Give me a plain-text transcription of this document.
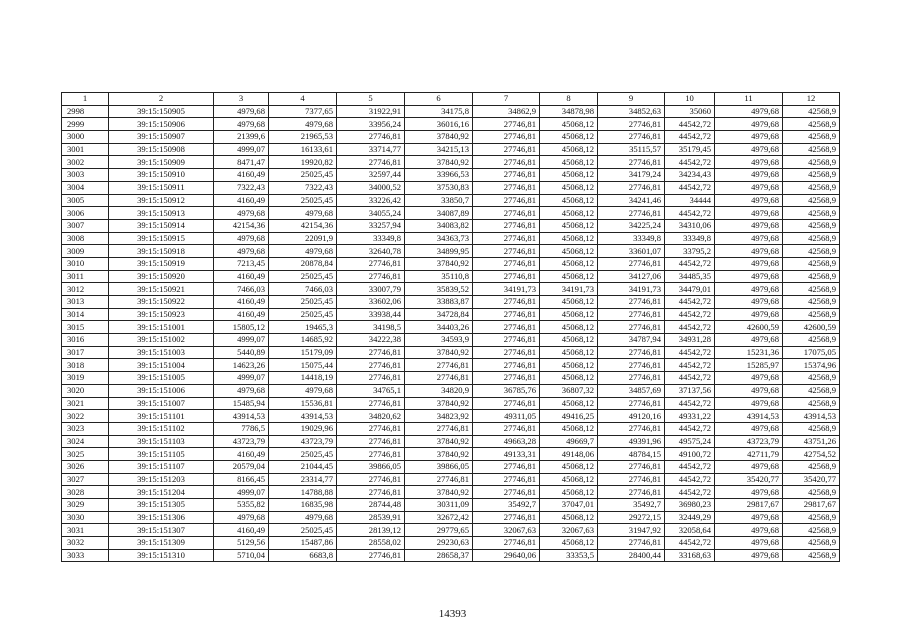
1	2	3	4	5	6	7	8	9	10	11	12
2998	39:15:150905	4979,68	7377,65	31922,91	34175,8	34862,9	34878,98	34852,63	35060	4979,68	42568,9
2999	39:15:150906	4979,68	4979,68	33956,24	36016,16	27746,81	45068,12	27746,81	44542,72	4979,68	42568,9
3000	39:15:150907	21399,6	21965,53	27746,81	37840,92	27746,81	45068,12	27746,81	44542,72	4979,68	42568,9
3001	39:15:150908	4999,07	16133,61	33714,77	34215,13	27746,81	45068,12	35115,57	35179,45	4979,68	42568,9
3002	39:15:150909	8471,47	19920,82	27746,81	37840,92	27746,81	45068,12	27746,81	44542,72	4979,68	42568,9
3003	39:15:150910	4160,49	25025,45	32597,44	33966,53	27746,81	45068,12	34179,24	34234,43	4979,68	42568,9
3004	39:15:150911	7322,43	7322,43	34000,52	37530,83	27746,81	45068,12	27746,81	44542,72	4979,68	42568,9
3005	39:15:150912	4160,49	25025,45	33226,42	33850,7	27746,81	45068,12	34241,46	34444	4979,68	42568,9
3006	39:15:150913	4979,68	4979,68	34055,24	34087,89	27746,81	45068,12	27746,81	44542,72	4979,68	42568,9
3007	39:15:150914	42154,36	42154,36	33257,94	34083,82	27746,81	45068,12	34225,24	34310,06	4979,68	42568,9
3008	39:15:150915	4979,68	22091,9	33349,8	34363,73	27746,81	45068,12	33349,8	33349,8	4979,68	42568,9
3009	39:15:150918	4979,68	4979,68	32640,78	34899,95	27746,81	45068,12	33601,07	33795,2	4979,68	42568,9
3010	39:15:150919	7213,45	20878,84	27746,81	37840,92	27746,81	45068,12	27746,81	44542,72	4979,68	42568,9
3011	39:15:150920	4160,49	25025,45	27746,81	35110,8	27746,81	45068,12	34127,06	34485,35	4979,68	42568,9
3012	39:15:150921	7466,03	7466,03	33007,79	35839,52	34191,73	34191,73	34191,73	34479,01	4979,68	42568,9
3013	39:15:150922	4160,49	25025,45	33602,06	33883,87	27746,81	45068,12	27746,81	44542,72	4979,68	42568,9
3014	39:15:150923	4160,49	25025,45	33938,44	34728,84	27746,81	45068,12	27746,81	44542,72	4979,68	42568,9
3015	39:15:151001	15805,12	19465,3	34198,5	34403,26	27746,81	45068,12	27746,81	44542,72	42600,59	42600,59
3016	39:15:151002	4999,07	14685,92	34222,38	34593,9	27746,81	45068,12	34787,94	34931,28	4979,68	42568,9
3017	39:15:151003	5440,89	15179,09	27746,81	37840,92	27746,81	45068,12	27746,81	44542,72	15231,36	17075,05
3018	39:15:151004	14623,26	15075,44	27746,81	27746,81	27746,81	45068,12	27746,81	44542,72	15285,97	15374,96
3019	39:15:151005	4999,07	14418,19	27746,81	27746,81	27746,81	45068,12	27746,81	44542,72	4979,68	42568,9
3020	39:15:151006	4979,68	4979,68	34765,1	34820,9	36785,76	36807,32	34857,69	37137,56	4979,68	42568,9
3021	39:15:151007	15485,94	15536,81	27746,81	37840,92	27746,81	45068,12	27746,81	44542,72	4979,68	42568,9
3022	39:15:151101	43914,53	43914,53	34820,62	34823,92	49311,05	49416,25	49120,16	49331,22	43914,53	43914,53
3023	39:15:151102	7786,5	19029,96	27746,81	27746,81	27746,81	45068,12	27746,81	44542,72	4979,68	42568,9
3024	39:15:151103	43723,79	43723,79	27746,81	37840,92	49663,28	49669,7	49391,96	49575,24	43723,79	43751,26
3025	39:15:151105	4160,49	25025,45	27746,81	37840,92	49133,31	49148,06	48784,15	49100,72	42711,79	42754,52
3026	39:15:151107	20579,04	21044,45	39866,05	39866,05	27746,81	45068,12	27746,81	44542,72	4979,68	42568,9
3027	39:15:151203	8166,45	23314,77	27746,81	27746,81	27746,81	45068,12	27746,81	44542,72	35420,77	35420,77
3028	39:15:151204	4999,07	14788,88	27746,81	37840,92	27746,81	45068,12	27746,81	44542,72	4979,68	42568,9
3029	39:15:151305	5355,82	16835,98	28744,48	30311,09	35492,7	37047,01	35492,7	36980,23	29817,67	29817,67
3030	39:15:151306	4979,68	4979,68	28539,91	32672,42	27746,81	45068,12	29272,15	32449,29	4979,68	42568,9
3031	39:15:151307	4160,49	25025,45	28139,12	29779,65	32067,63	32067,63	31947,92	32058,64	4979,68	42568,9
3032	39:15:151309	5129,56	15487,86	28558,02	29230,63	27746,81	45068,12	27746,81	44542,72	4979,68	42568,9
3033	39:15:151310	5710,04	6683,8	27746,81	28658,37	29640,06	33353,5	28400,44	33168,63	4979,68	42568,9
14393
